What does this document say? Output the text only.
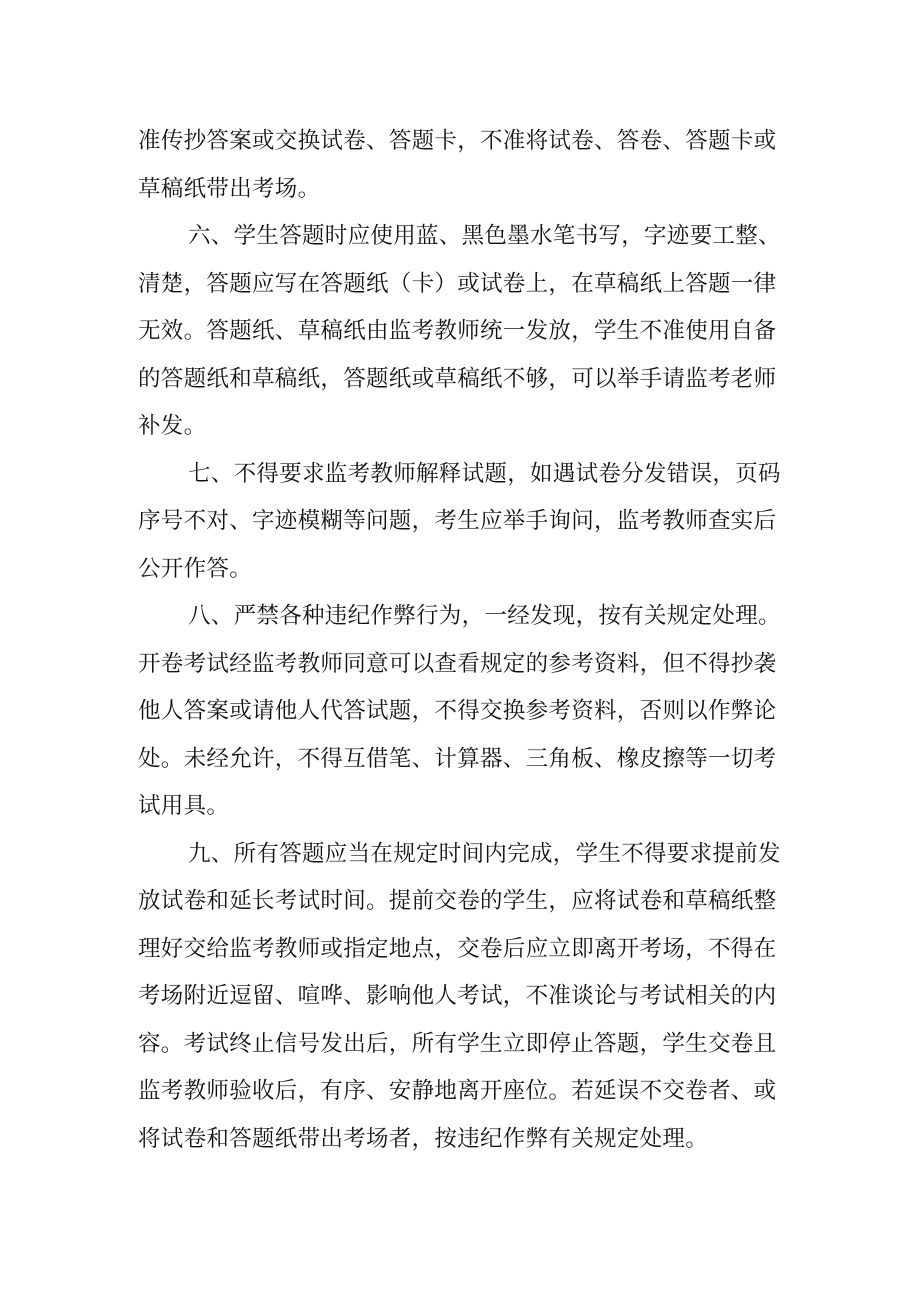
准传抄答案或交换试卷、答题卡，不准将试卷、答卷、答题卡或
草稿纸带出考场。
六、学生答题时应使用蓝、黑色墨水笔书写，字迹要工整、
清楚，答题应写在答题纸（卡）或试卷上，在草稿纸上答题一律
无效。答题纸、草稿纸由监考教师统一发放，学生不准使用自备
的答题纸和草稿纸，答题纸或草稿纸不够，可以举手请监考老师
补发。
七、不得要求监考教师解释试题，如遇试卷分发错误，页码
序号不对、字迹模糊等问题，考生应举手询问，监考教师查实后
公开作答。
八、严禁各种违纪作弊行为，一经发现，按有关规定处理。
开卷考试经监考教师同意可以查看规定的参考资料，但不得抄袭
他人答案或请他人代答试题，不得交换参考资料，否则以作弊论
处。未经允许，不得互借笔、计算器、三角板、橡皮擦等一切考
试用具。
九、所有答题应当在规定时间内完成，学生不得要求提前发
放试卷和延长考试时间。提前交卷的学生，应将试卷和草稿纸整
理好交给监考教师或指定地点，交卷后应立即离开考场，不得在
考场附近逗留、喧哗、影响他人考试，不准谈论与考试相关的内
容。考试终止信号发出后，所有学生立即停止答题，学生交卷且
监考教师验收后，有序、安静地离开座位。若延误不交卷者、或
将试卷和答题纸带出考场者，按违纪作弊有关规定处理。
